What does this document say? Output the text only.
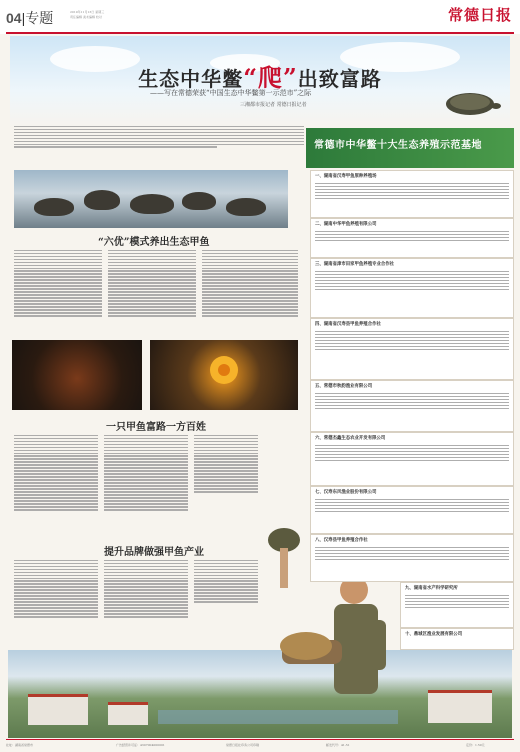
04|专题	2019年11月13日 星期三
责任编辑 美术编辑 校对	常德日报
生态中华鳖“爬”出致富路
——写在常德荣获“中国生态中华鳖第一示范市”之际
三湘都市报记者 常德日报记者
“六优”模式养出生态甲鱼
一只甲鱼富路一方百姓
提升品牌做强甲鱼产业
常德市中华鳖十大生态养殖示范基地
一、湖南省汉寿甲鱼原种养殖场
二、湖南中华甲鱼养殖有限公司
三、湖南省津市田家甲鱼养殖专业合作社
四、湖南省汉寿县甲鱼养殖合作社
五、常德市秋韵渔业有限公司
六、常德杰鑫生态农业开发有限公司
七、汉寿东风渔业股份有限公司
八、汉寿县甲鱼养殖合作社
九、湖南省水产科学研究所
十、鼎城区渔业发展有限公司
社址：湖南省常德市	广告经营许可证：4307004000001	常德日报社印务公司印刷	邮发代号：41-51	定价：1.50元
